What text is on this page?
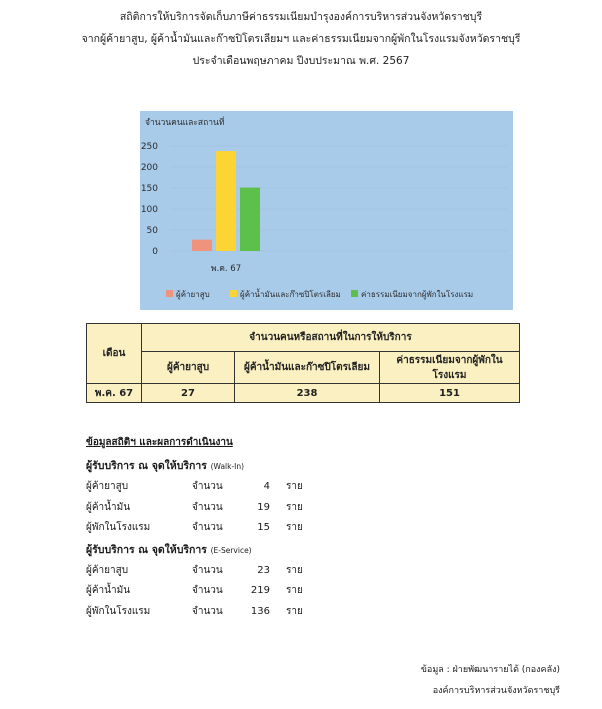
สถิติการให้บริการจัดเก็บภาษีค่าธรรมเนียมบำรุงองค์การบริหารส่วนจังหวัดราชบุรี
จากผู้ค้ายาสูบ, ผู้ค้าน้ำมันและก๊าซปิโตรเลียมฯ และค่าธรรมเนียมจากผู้พักในโรงแรมจังหวัดราชบุรี
ประจำเดือนพฤษภาคม ปีงบประมาณ พ.ศ. 2567
จำนวนคนและสถานที่
0
50
100
150
200
250
พ.ค. 67
ผู้ค้ายาสูบ	ผู้ค้าน้ำมันและก๊าซปิโตรเลียม	ค่าธรรมเนียมจากผู้พักในโรงแรม
เดือน	จำนวนคนหรือสถานที่ในการให้บริการ		
	ผู้ค้ายาสูบ	ผู้ค้าน้ำมันและก๊าซปิโตรเลียม	ค่าธรรมเนียมจากผู้พักในโรงแรม
พ.ค. 67	27	238	151
ข้อมูลสถิติฯ และผลการดำเนินงาน
ผู้รับบริการ ณ จุดให้บริการ (Walk-In)
ผู้ค้ายาสูบ	จำนวน	4 ราย
ผู้ค้าน้ำมัน	จำนวน	19 ราย
ผู้พักในโรงแรม	จำนวน	15 ราย
ผู้รับบริการ ณ จุดให้บริการ (E-Service)
ผู้ค้ายาสูบ	จำนวน	23 ราย
ผู้ค้าน้ำมัน	จำนวน	219 ราย
ผู้พักในโรงแรม	จำนวน	136 ราย
ข้อมูล : ฝ่ายพัฒนารายได้ (กองคลัง)
องค์การบริหารส่วนจังหวัดราชบุรี
